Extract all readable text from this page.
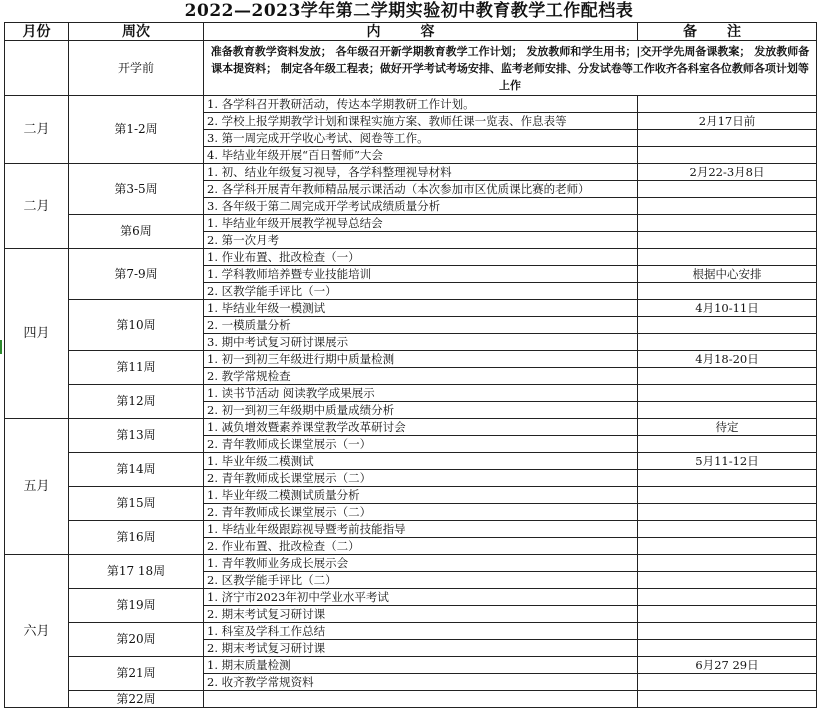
2022—2023学年第二学期实验初中教育教学工作配档表
月份	周次	内容	备注
	开学前	准备教育教学资料发放； 各年级召开新学期教育教学工作计划； 发放教师和学生用书；|交开学先周备课教案； 发放教师备课本提资料； 制定各年级工程表；做好开学考试考场安排、监考老师安排、分发试卷等工作收齐各科室各位教师各项计划等上作	
二月	第1-2周	1. 各学科召开教研活动，传达本学期教研工作计划。	
		2. 学校上报学期教学计划和课程实施方案、教师任课一览表、作息表等	2月17日前
		3. 第一周完成开学收心考试、阅卷等工作。	
		4. 毕结业年级开展“百日誓师”大会	
二月	第3-5周	1. 初、结业年级复习视导，各学科整理视导材料	2月22-3月8日
		2. 各学科开展青年教师精品展示课活动（本次参加市区优质课比赛的老师）	
		3. 各年级于第二周完成开学考试成绩质量分析	
	第6周	1. 毕结业年级开展教学视导总结会	
		2. 第一次月考	
四月	第7-9周	1. 作业布置、批改检查（一）	
		1. 学科教师培养暨专业技能培训	根据中心安排
		2. 区教学能手评比（一）	
	第10周	1. 毕结业年级一模测试	4月10-11日
		2. 一模质量分析	
		3. 期中考试复习研讨课展示	
	第11周	1. 初一到初三年级进行期中质量检测	4月18-20日
		2. 教学常规检查	
	第12周	1. 读书节活动 阅读教学成果展示	
		2. 初一到初三年级期中质量成绩分析	
五月	第13周	1. 减负增效暨素养课堂教学改革研讨会	待定
		2. 青年教师成长课堂展示（一）	
	第14周	1. 毕业年级二模测试	5月11-12日
		2. 青年教师成长课堂展示（二）	
	第15周	1. 毕业年级二模测试质量分析	
		2. 青年教师成长课堂展示（二）	
	第16周	1. 毕结业年级跟踪视导暨考前技能指导	
		2. 作业布置、批改检查（二）	
六月	第17 18周	1. 青年教师业务成长展示会	
		2. 区教学能手评比（二）	
	第19周	1. 济宁市2023年初中学业水平考试	
		2. 期末考试复习研讨课	
	第20周	1. 科室及学科工作总结	
		2. 期末考试复习研讨课	
	第21周	1. 期末质量检测	6月27 29日
		2. 收齐教学常规资料	
	第22周		
